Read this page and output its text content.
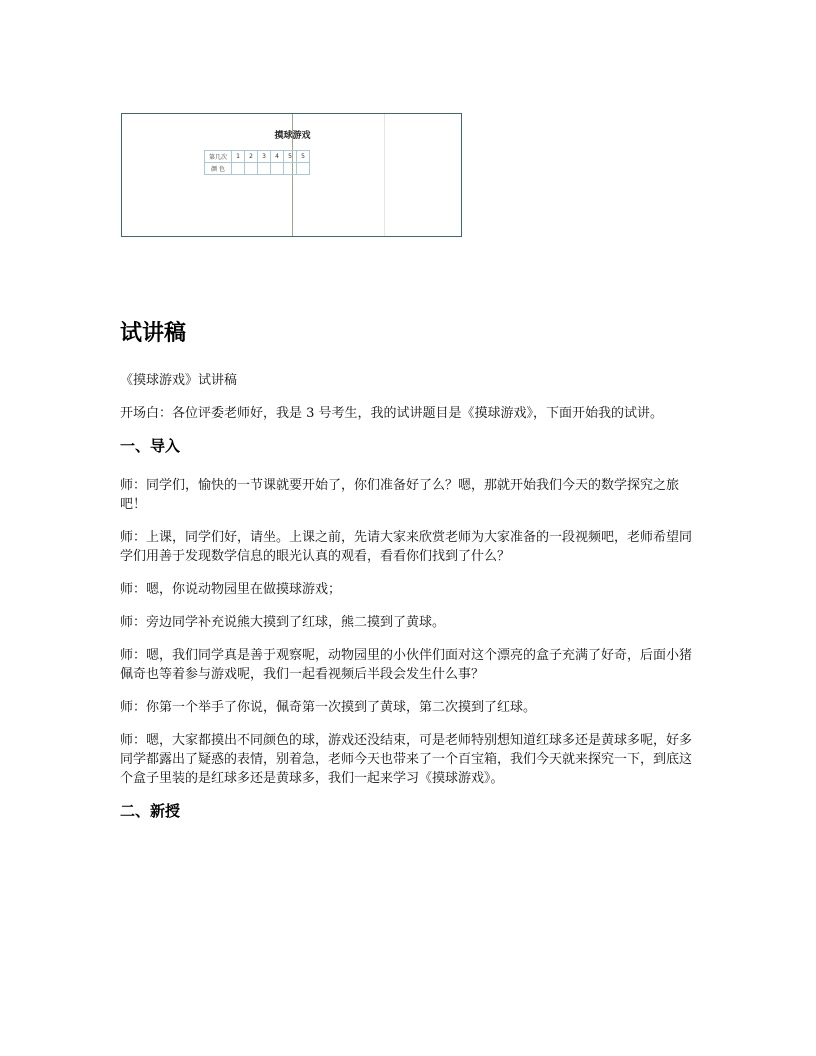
摸球游戏
第几次	1	2	3	4	5	5
颜 色						
试讲稿

《摸球游戏》试讲稿

开场白：各位评委老师好，我是 3 号考生，我的试讲题目是《摸球游戏》，下面开始我的试讲。

一、导入

师：同学们，愉快的一节课就要开始了，你们准备好了么？嗯，那就开始我们今天的数学探究之旅吧！

师：上课，同学们好，请坐。上课之前，先请大家来欣赏老师为大家准备的一段视频吧，老师希望同学们用善于发现数学信息的眼光认真的观看，看看你们找到了什么？

师：嗯，你说动物园里在做摸球游戏；

师：旁边同学补充说熊大摸到了红球，熊二摸到了黄球。

师：嗯，我们同学真是善于观察呢，动物园里的小伙伴们面对这个漂亮的盒子充满了好奇，后面小猪佩奇也等着参与游戏呢，我们一起看视频后半段会发生什么事？

师：你第一个举手了你说，佩奇第一次摸到了黄球，第二次摸到了红球。

师：嗯，大家都摸出不同颜色的球，游戏还没结束，可是老师特别想知道红球多还是黄球多呢，好多同学都露出了疑惑的表情，别着急，老师今天也带来了一个百宝箱，我们今天就来探究一下，到底这个盒子里装的是红球多还是黄球多，我们一起来学习《摸球游戏》。

二、新授
